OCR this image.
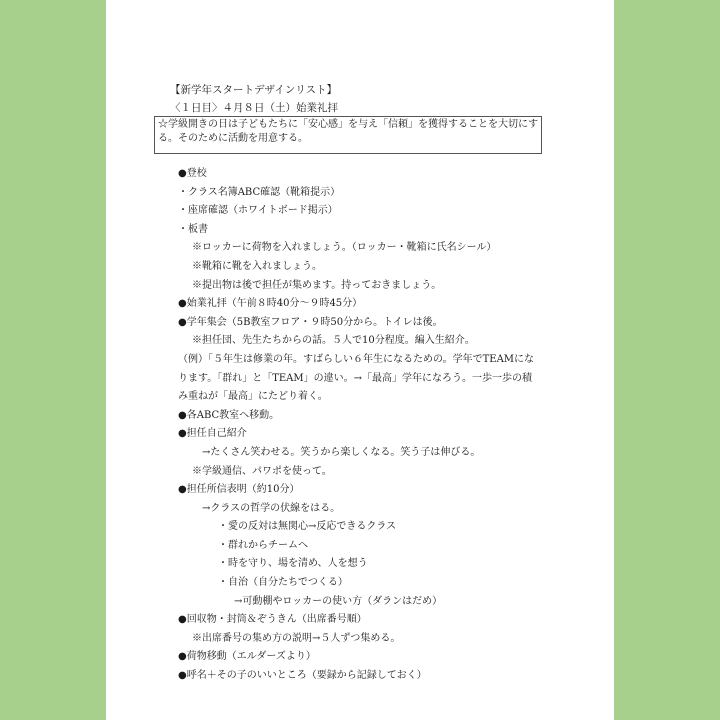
【新学年スタートデザインリスト】
〈１日目〉４月８日（土）始業礼拝
☆学級開きの日は子どもたちに「安心感」を与え「信頼」を獲得することを大切にする。そのために活動を用意する。
●登校
・クラス名簿ABC確認（靴箱提示）
・座席確認（ホワイトボード掲示）
・板書
※ロッカーに荷物を入れましょう。（ロッカー・靴箱に氏名シール）
※靴箱に靴を入れましょう。
※提出物は後で担任が集めます。持っておきましょう。
●始業礼拝（午前８時40分～９時45分）
●学年集会（5B教室フロア・９時50分から。トイレは後。
※担任団、先生たちからの話。５人で10分程度。編入生紹介。
（例）「５年生は修業の年。すばらしい６年生になるための。学年でTEAMにな
ります。「群れ」と「TEAM」の違い。→「最高」学年になろう。一歩一歩の積
み重ねが「最高」にたどり着く。
●各ABC教室へ移動。
●担任自己紹介
→たくさん笑わせる。笑うから楽しくなる。笑う子は伸びる。
※学級通信、パワポを使って。
●担任所信表明（約10分）
→クラスの哲学の伏線をはる。
・愛の反対は無関心→反応できるクラス
・群れからチームへ
・時を守り、場を清め、人を想う
・自治（自分たちでつくる）
→可動棚やロッカーの使い方（ダランはだめ）
●回収物・封筒＆ぞうきん（出席番号順）
※出席番号の集め方の説明→５人ずつ集める。
●荷物移動（エルダーズより）
●呼名＋その子のいいところ（要録から記録しておく）
